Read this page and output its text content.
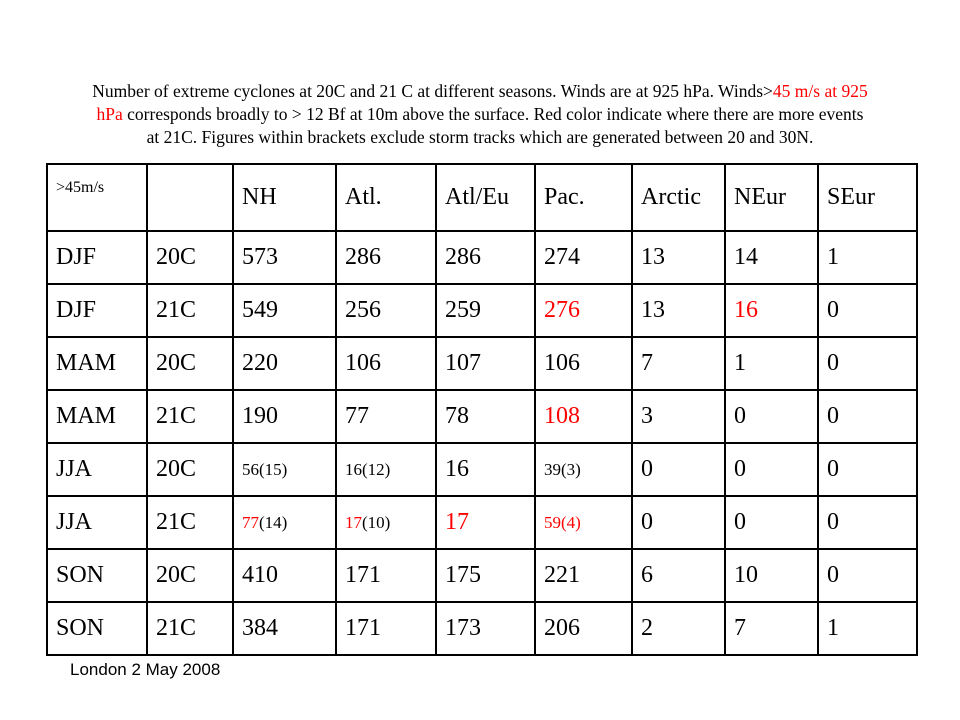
Number of extreme cyclones at 20C and 21 C at different seasons. Winds are at 925 hPa. Winds>45 m/s at 925 hPa corresponds broadly to > 12 Bf at 10m above the surface. Red color indicate where there are more events at 21C. Figures within brackets exclude storm tracks which are generated between 20 and 30N.
>45m/s		NH	Atl.	Atl/Eu	Pac.	Arctic	NEur	SEur
DJF	20C	573	286	286	274	13	14	1
DJF	21C	549	256	259	276	13	16	0
MAM	20C	220	106	107	106	7	1	0
MAM	21C	190	77	78	108	3	0	0
JJA	20C	56(15)	16(12)	16	39(3)	0	0	0
JJA	21C	77(14)	17(10)	17	59(4)	0	0	0
SON	20C	410	171	175	221	6	10	0
SON	21C	384	171	173	206	2	7	1
London 2 May 2008
